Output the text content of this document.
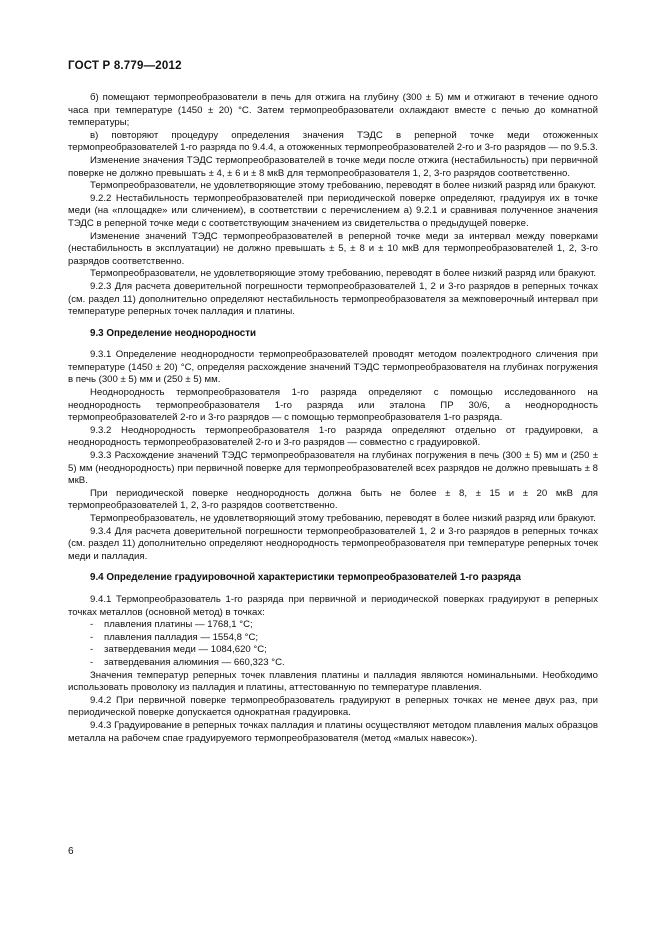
ГОСТ Р 8.779—2012

б) помещают термопреобразователи в печь для отжига на глубину (300 ± 5) мм и отжигают в течение одного часа при температуре (1450 ± 20) °С. Затем термопреобразователи охлаждают вместе с печью до комнатной температуры;

в) повторяют процедуру определения значения ТЭДС в реперной точке меди отожженных термопреобразователей 1-го разряда по 9.4.4, а отожженных термопреобразователей 2-го и 3-го разрядов — по 9.5.3.

Изменение значения ТЭДС термопреобразователей в точке меди после отжига (нестабильность) при первичной поверке не должно превышать ± 4, ± 6 и ± 8 мкВ для термопреобразователя 1, 2, 3-го разрядов соответственно.

Термопреобразователи, не удовлетворяющие этому требованию, переводят в более низкий разряд или бракуют.

9.2.2 Нестабильность термопреобразователей при периодической поверке определяют, градуируя их в точке меди (на «площадке» или сличением), в соответствии с перечислением а) 9.2.1 и сравнивая полученное значения ТЭДС в реперной точке меди с соответствующим значением из свидетельства о предыдущей поверке.

Изменение значений ТЭДС термопреобразователей в реперной точке меди за интервал между поверками (нестабильность в эксплуатации) не должно превышать ± 5, ± 8 и ± 10 мкВ для термопреобразователей 1, 2, 3-го разрядов соответственно.

Термопреобразователи, не удовлетворяющие этому требованию, переводят в более низкий разряд или бракуют.

9.2.3 Для расчета доверительной погрешности термопреобразователей 1, 2 и 3-го разрядов в реперных точках (см. раздел 11) дополнительно определяют нестабильность термопреобразователя за межповерочный интервал при температуре реперных точек палладия и платины.

9.3 Определение неоднородности

9.3.1 Определение неоднородности термопреобразователей проводят методом поэлектродного сличения при температуре (1450 ± 20) °С, определяя расхождение значений ТЭДС термопреобразователя на глубинах погружения в печь (300 ± 5) мм и (250 ± 5) мм.

Неоднородность термопреобразователя 1-го разряда определяют с помощью исследованного на неоднородность термопреобразователя 1-го разряда или эталона ПР 30/6, а неоднородность термопреобразователей 2-го и 3-го разрядов — с помощью термопреобразователя 1-го разряда.

9.3.2 Неоднородность термопреобразователя 1-го разряда определяют отдельно от градуировки, а неоднородность термопреобразователей 2-го и 3-го разрядов — совместно с градуировкой.

9.3.3 Расхождение значений ТЭДС термопреобразователя на глубинах погружения в печь (300 ± 5) мм и (250 ± 5) мм (неоднородность) при первичной поверке для термопреобразователей всех разрядов не должно превышать ± 8 мкВ.

При периодической поверке неоднородность должна быть не более ± 8, ± 15 и ± 20 мкВ для термопреобразователей 1, 2, 3-го разрядов соответственно.

Термопреобразователь, не удовлетворяющий этому требованию, переводят в более низкий разряд или бракуют.

9.3.4 Для расчета доверительной погрешности термопреобразователей 1, 2 и 3-го разрядов в реперных точках (см. раздел 11) дополнительно определяют неоднородность термопреобразователя при температуре реперных точек меди и палладия.

9.4 Определение градуировочной характеристики термопреобразователей 1-го разряда

9.4.1 Термопреобразователь 1-го разряда при первичной и периодической поверках градуируют в реперных точках металлов (основной метод) в точках:

- плавления платины — 1768,1 °С;
- плавления палладия — 1554,8 °С;
- затвердевания меди — 1084,620 °С;
- затвердевания алюминия — 660,323 °С.

Значения температур реперных точек плавления платины и палладия являются номинальными. Необходимо использовать проволоку из палладия и платины, аттестованную по температуре плавления.

9.4.2 При первичной поверке термопреобразователь градуируют в реперных точках не менее двух раз, при периодической поверке допускается однократная градуировка.

9.4.3 Градуирование в реперных точках палладия и платины осуществляют методом плавления малых образцов металла на рабочем спае градуируемого термопреобразователя (метод «малых навесок»).

6
